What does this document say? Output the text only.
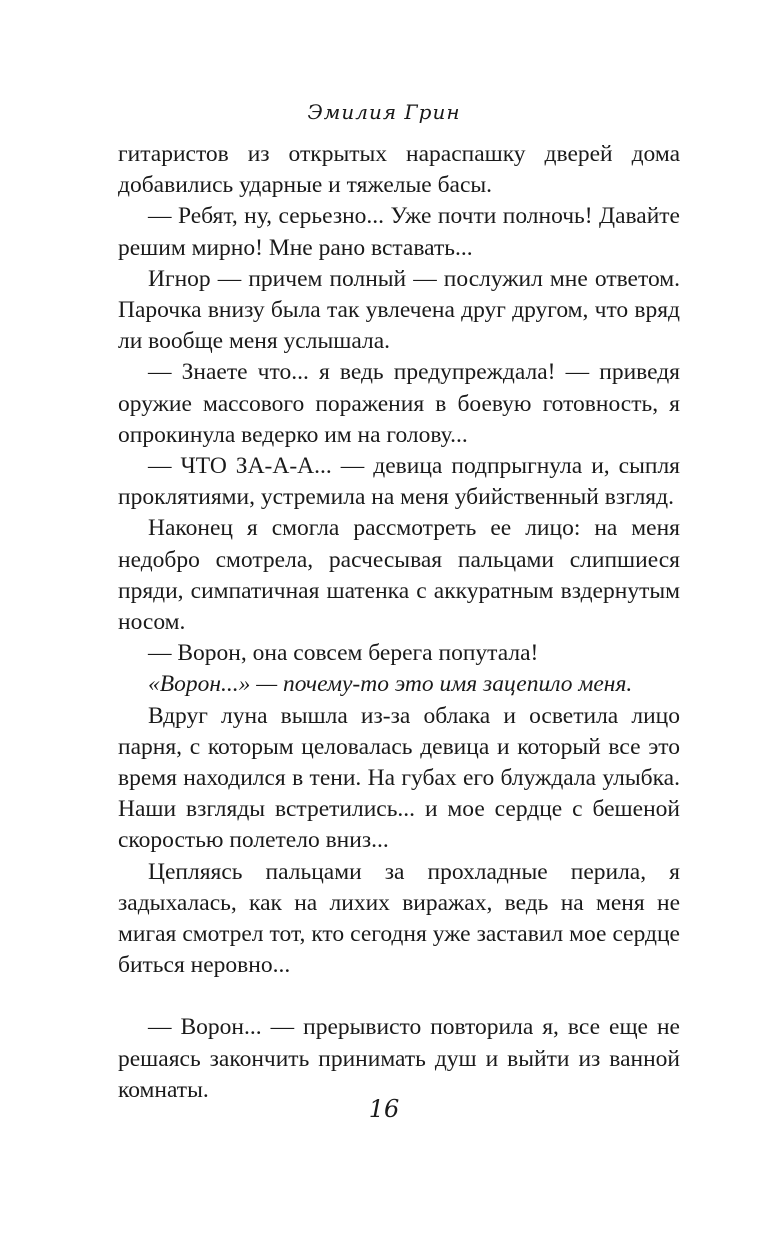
Эмилия Грин

гитаристов из открытых нараспашку дверей дома добавились ударные и тяжелые басы.

— Ребят, ну, серьезно... Уже почти полночь! Давайте решим мирно! Мне рано вставать...

Игнор — причем полный — послужил мне ответом. Парочка внизу была так увлечена друг другом, что вряд ли вообще меня услышала.

— Знаете что... я ведь предупреждала! — приведя оружие массового поражения в боевую готовность, я опрокинула ведерко им на голову...

— ЧТО ЗА-А-А... — девица подпрыгнула и, сыпля проклятиями, устремила на меня убийственный взгляд.

Наконец я смогла рассмотреть ее лицо: на меня недобро смотрела, расчесывая пальцами слипшиеся пряди, симпатичная шатенка с аккуратным вздернутым носом.

— Ворон, она совсем берега попутала!

«Ворон...» — почему-то это имя зацепило меня.

Вдруг луна вышла из-за облака и осветила лицо парня, с которым целовалась девица и который все это время находился в тени. На губах его блуждала улыбка. Наши взгляды встретились... и мое сердце с бешеной скоростью полетело вниз...

Цепляясь пальцами за прохладные перила, я задыхалась, как на лихих виражах, ведь на меня не мигая смотрел тот, кто сегодня уже заставил мое сердце биться неровно...

— Ворон... — прерывисто повторила я, все еще не решаясь закончить принимать душ и выйти из ванной комнаты.

16
